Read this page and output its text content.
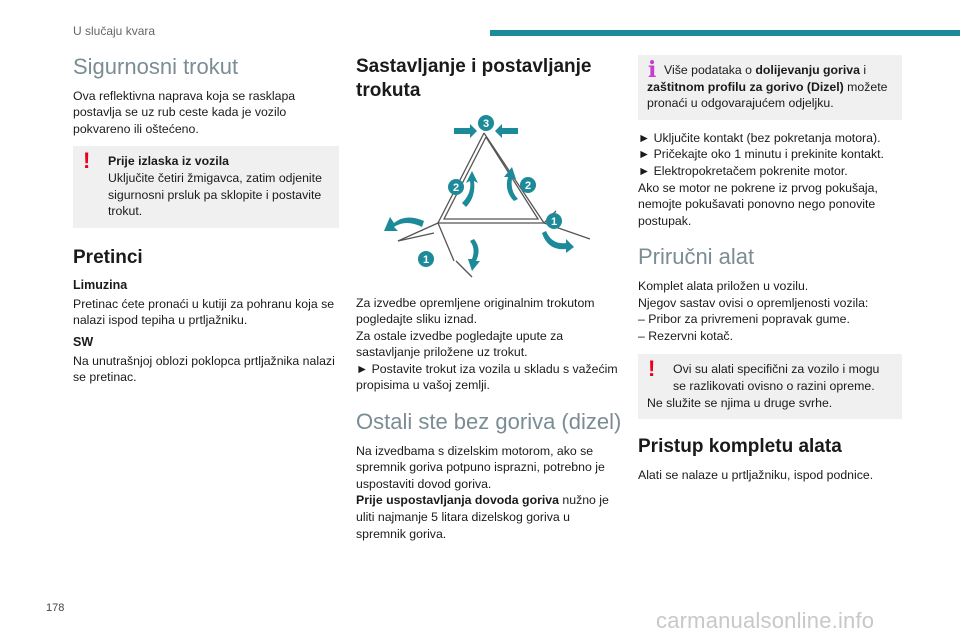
U slučaju kvara
Sigurnosni trokut

Ova reflektivna naprava koja se rasklapa postavlja se uz rub ceste kada je vozilo pokvareno ili oštećeno.

!	Prije izlaska iz vozila
Uključite četiri žmigavca, zatim odjenite sigurnosni prsluk pa sklopite i postavite trokut.
Pretinci
Limuzina

Pretinac ćete pronaći u kutiji za pohranu koja se nalazi ispod tepiha u prtljažniku.

SW

Na unutrašnjoj oblozi poklopca prtljažnika nalazi se pretinac.

Sastavljanje i postavljanje trokuta
3
2	2
1
1

Za izvedbe opremljene originalnim trokutom pogledajte sliku iznad.

Za ostale izvedbe pogledajte upute za sastavljanje priložene uz trokut.

► Postavite trokut iza vozila u skladu s važećim propisima u vašoj zemlji.

Ostali ste bez goriva (dizel)

Na izvedbama s dizelskim motorom, ako se spremnik goriva potpuno isprazni, potrebno je uspostaviti dovod goriva.

Prije uspostavljanja dovoda goriva nužno je uliti najmanje 5 litara dizelskog goriva u spremnik goriva.

i Više podataka o dolijevanju goriva i zaštitnom profilu za gorivo (Dizel) možete pronaći u odgovarajućem odjeljku.

► Uključite kontakt (bez pokretanja motora).

► Pričekajte oko 1 minutu i prekinite kontakt.

► Elektropokretačem pokrenite motor.

Ako se motor ne pokrene iz prvog pokušaja, nemojte pokušavati ponovno nego ponovite postupak.

Priručni alat

Komplet alata priložen u vozilu.

Njegov sastav ovisi o opremljenosti vozila:

– Pribor za privremeni popravak gume.

– Rezervni kotač.

!	Ovi su alati specifični za vozilo i mogu se razlikovati ovisno o razini opreme.
Ne služite se njima u druge svrhe.
Pristup kompletu alata

Alati se nalaze u prtljažniku, ispod podnice.

178	carmanualsonline.info
